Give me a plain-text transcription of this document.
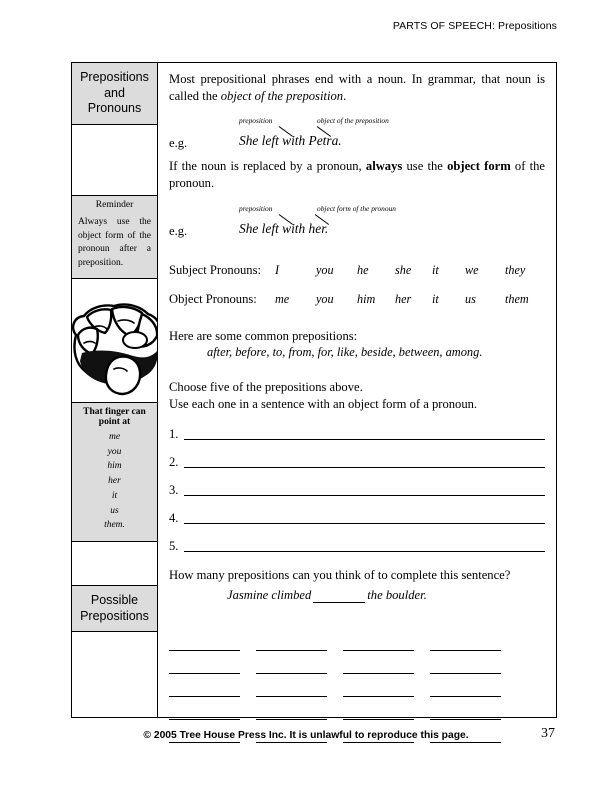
PARTS OF SPEECH: Prepositions
Prepositions and Pronouns
Reminder
Always use the object form of the pronoun after a preposition.
That finger can point at
me
you
him
her
it
us
them.
Possible Prepositions

Most prepositional phrases end with a noun. In grammar, that noun is called the object of the preposition.

preposition	object of the preposition
e.g.	She left with Petra.

If the noun is replaced by a pronoun, always use the object form of the pronoun.

preposition	object form of the pronoun
e.g.	She left with her.
Subject Pronouns:	I	you	he	she	it	we	they
Object Pronouns:	me	you	him	her	it	us	them
Here are some common prepositions:
after, before, to, from, for, like, beside, between, among.
Choose five of the prepositions above.
Use each one in a sentence with an object form of a pronoun.
1.
2.
3.
4.
5.
How many prepositions can you think of to complete this sentence?
Jasmine climbed	the boulder.
© 2005 Tree House Press Inc. It is unlawful to reproduce this page.	37
